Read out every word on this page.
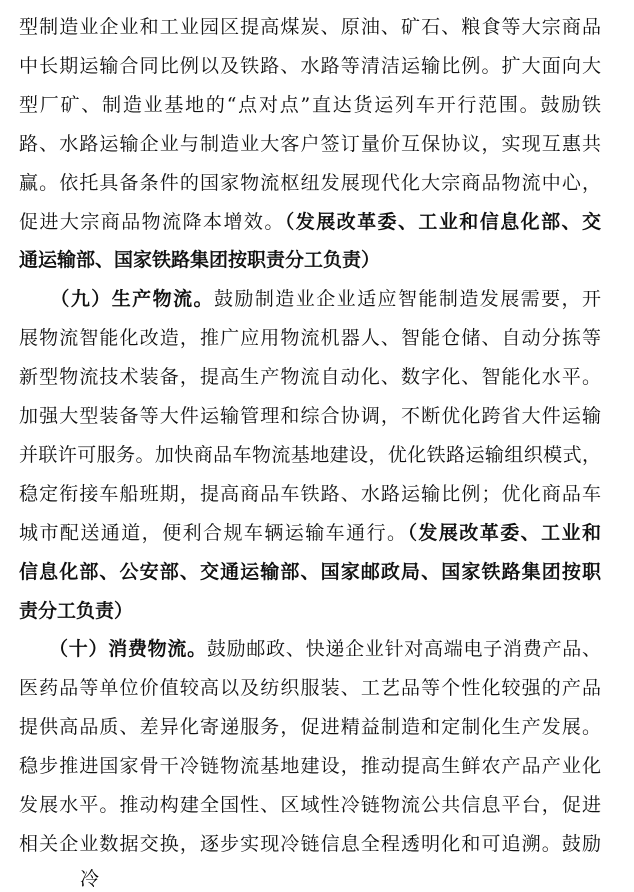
型制造业企业和工业园区提高煤炭、原油、矿石、粮食等大宗商品
中长期运输合同比例以及铁路、水路等清洁运输比例。扩大面向大
型厂矿、制造业基地的“点对点”直达货运列车开行范围。鼓励铁
路、水路运输企业与制造业大客户签订量价互保协议，实现互惠共
赢。依托具备条件的国家物流枢纽发展现代化大宗商品物流中心，
促进大宗商品物流降本增效。（发展改革委、工业和信息化部、交
通运输部、国家铁路集团按职责分工负责）
　　（九）生产物流。鼓励制造业企业适应智能制造发展需要，开
展物流智能化改造，推广应用物流机器人、智能仓储、自动分拣等
新型物流技术装备，提高生产物流自动化、数字化、智能化水平。
加强大型装备等大件运输管理和综合协调，不断优化跨省大件运输
并联许可服务。加快商品车物流基地建设，优化铁路运输组织模式，
稳定衔接车船班期，提高商品车铁路、水路运输比例；优化商品车
城市配送通道，便利合规车辆运输车通行。（发展改革委、工业和
信息化部、公安部、交通运输部、国家邮政局、国家铁路集团按职
责分工负责）
　　（十）消费物流。鼓励邮政、快递企业针对高端电子消费产品、
医药品等单位价值较高以及纺织服装、工艺品等个性化较强的产品
提供高品质、差异化寄递服务，促进精益制造和定制化生产发展。
稳步推进国家骨干冷链物流基地建设，推动提高生鲜农产品产业化
发展水平。推动构建全国性、区域性冷链物流公共信息平台，促进
相关企业数据交换，逐步实现冷链信息全程透明化和可追溯。鼓励
冷
